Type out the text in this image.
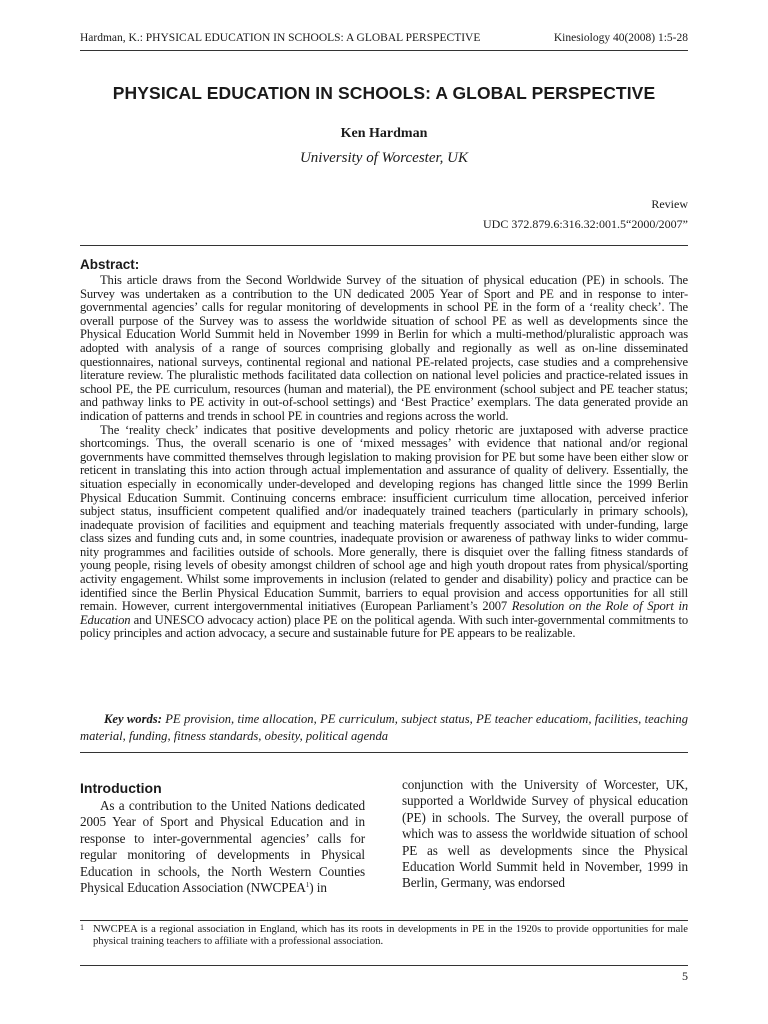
Hardman, K.: PHYSICAL EDUCATION IN SCHOOLS: A GLOBAL PERSPECTIVE	Kinesiology 40(2008) 1:5-28
PHYSICAL EDUCATION IN SCHOOLS: A GLOBAL PERSPECTIVE
Ken Hardman
University of Worcester, UK
Review
UDC 372.879.6:316.32:001.5“2000/2007”
Abstract:

This article draws from the Second Worldwide Survey of the situation of physical education (PE) in schools. The Survey was undertaken as a contribution to the UN dedicated 2005 Year of Sport and PE and in response to inter-governmental agencies’ calls for regular monitoring of developments in school PE in the form of a ‘reality check’. The overall purpose of the Survey was to assess the worldwide situation of school PE as well as developments since the Physical Education World Summit held in November 1999 in Berlin for which a multi-method/pluralistic approach was adopted with analysis of a range of sources comprising globally and regionally as well as on-line disseminated questionnaires, national surveys, continental regional and national PE-related projects, case studies and a comprehensive literature review. The pluralistic methods facilitated data collection on national level policies and practice-related issues in school PE, the PE curriculum, resources (human and material), the PE environment (school subject and PE teacher status; and pathway links to PE activity in out-of-school settings) and ‘Best Practice’ exemplars. The data generated provide an indication of patterns and trends in school PE in countries and regions across the world.

The ‘reality check’ indicates that positive developments and policy rhetoric are juxtaposed with adverse practice shortcomings. Thus, the overall scenario is one of ‘mixed messages’ with evidence that national and/or regional governments have committed themselves through legislation to making provision for PE but some have been either slow or reticent in translating this into action through actual implementation and assurance of quality of delivery. Essentially, the situation especially in economically under-developed and developing regions has changed little since the 1999 Berlin Physical Education Summit. Continuing concerns embrace: insufficient curriculum time allocation, perceived inferior subject status, insufficient competent qualified and/or inadequately trained teachers (particularly in primary schools), inadequate provision of facilities and equipment and teaching materials frequently associated with under-funding, large class sizes and funding cuts and, in some countries, inadequate provision or awareness of pathway links to wider community programmes and facilities outside of schools. More generally, there is disquiet over the falling fitness standards of young people, rising levels of obesity amongst children of school age and high youth dropout rates from physical/sporting activity engagement. Whilst some improvements in inclusion (related to gender and disability) policy and practice can be identified since the Berlin Physical Education Summit, barriers to equal provision and access opportunities for all still remain. However, current intergovernmental initiatives (European Parliament’s 2007 Resolution on the Role of Sport in Education and UNESCO advocacy action) place PE on the political agenda. With such inter-governmental commitments to policy principles and action advocacy, a secure and sustainable future for PE appears to be realizable.

Key words: PE provision, time allocation, PE curriculum, subject status, PE teacher educatiom, facilities, teaching material, funding, fitness standards, obesity, political agenda
Introduction
As a contribution to the United Nations dedicated 2005 Year of Sport and Physical Education and in response to inter-governmental agencies’ calls for regular monitoring of developments in Physical Education in schools, the North Western Counties Physical Education Association (NWCPEA$^1$) in
conjunction with the University of Worcester, UK, supported a Worldwide Survey of physical education (PE) in schools. The Survey, the overall purpose of which was to assess the worldwide situation of school PE as well as developments since the Physical Education World Summit held in November, 1999 in Berlin, Germany, was endorsed
1 NWCPEA is a regional association in England, which has its roots in developments in PE in the 1920s to provide opportunities for male physical training teachers to affiliate with a professional association.
5
